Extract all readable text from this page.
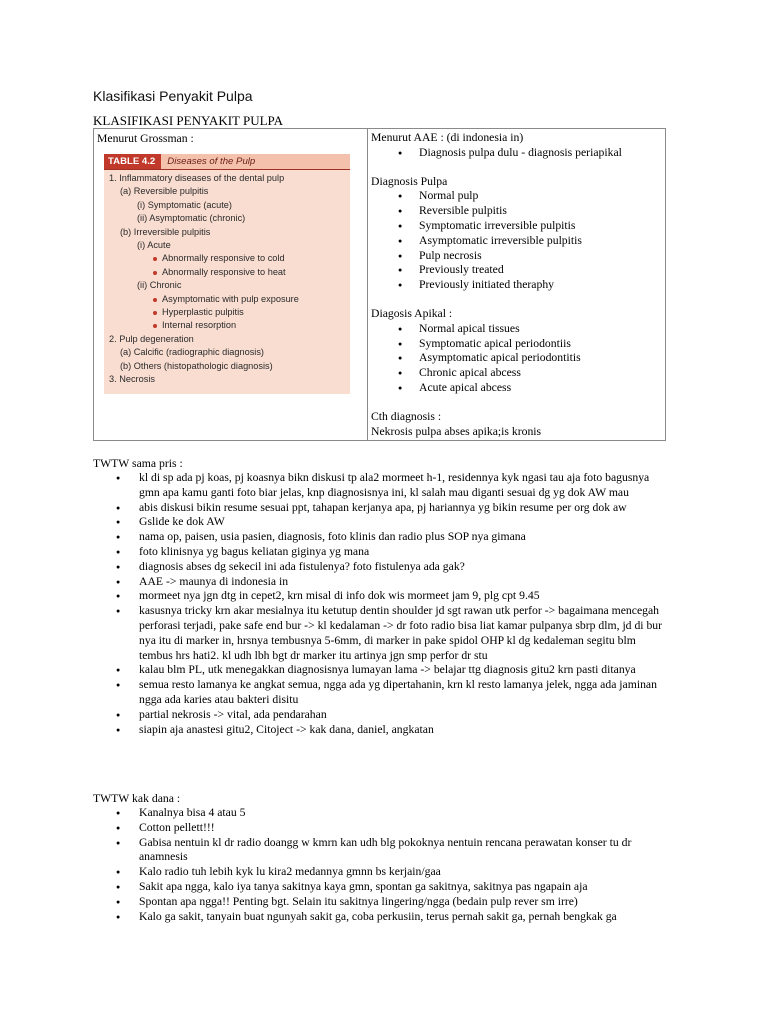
Klasifikasi Penyakit Pulpa
KLASIFIKASI PENYAKIT PULPA
Menurut Grossman :
TABLE 4.2	Diseases of the Pulp
1. Inflammatory diseases of the dental pulp
(a) Reversible pulpitis
(i) Symptomatic (acute)
(ii) Asymptomatic (chronic)
(b) Irreversible pulpitis
(i) Acute
Abnormally responsive to cold
Abnormally responsive to heat
(ii) Chronic
Asymptomatic with pulp exposure
Hyperplastic pulpitis
Internal resorption
2. Pulp degeneration
(a) Calcific (radiographic diagnosis)
(b) Others (histopathologic diagnosis)
3. Necrosis

Menurut AAE : (di indonesia in)
● Diagnosis pulpa dulu - diagnosis periapikal
Diagnosis Pulpa
● Normal pulp
● Reversible pulpitis
● Symptomatic irreversible pulpitis
● Asymptomatic irreversible pulpitis
● Pulp necrosis
● Previously treated
● Previously initiated theraphy
Diagosis Apikal :
● Normal apical tissues
● Symptomatic apical periodontiis
● Asymptomatic apical periodontitis
● Chronic apical abcess
● Acute apical abcess
Cth diagnosis :
Nekrosis pulpa abses apika;is kronis
TWTW sama pris :
● kl di sp ada pj koas, pj koasnya bikn diskusi tp ala2 mormeet h-1, residennya kyk ngasi tau aja foto bagusnya gmn apa kamu ganti foto biar jelas, knp diagnosisnya ini, kl salah mau diganti sesuai dg yg dok AW mau
● abis diskusi bikin resume sesuai ppt, tahapan kerjanya apa, pj hariannya yg bikin resume per org dok aw
● Gslide ke dok AW
● nama op, paisen, usia pasien, diagnosis, foto klinis dan radio plus SOP nya gimana
● foto klinisnya yg bagus keliatan giginya yg mana
● diagnosis abses dg sekecil ini ada fistulenya? foto fistulenya ada gak?
● AAE -> maunya di indonesia in
● mormeet nya jgn dtg in cepet2, krn misal di info dok wis mormeet jam 9, plg cpt 9.45
● kasusnya tricky krn akar mesialnya itu ketutup dentin shoulder jd sgt rawan utk perfor -> bagaimana mencegah perforasi terjadi, pake safe end bur -> kl kedalaman -> dr foto radio bisa liat kamar pulpanya sbrp dlm, jd di bur nya itu di marker in, hrsnya tembusnya 5-6mm, di marker in pake spidol OHP kl dg kedaleman segitu blm tembus hrs hati2. kl udh lbh bgt dr marker itu artinya jgn smp perfor dr stu
● kalau blm PL, utk menegakkan diagnosisnya lumayan lama -> belajar ttg diagnosis gitu2 krn pasti ditanya
● semua resto lamanya ke angkat semua, ngga ada yg dipertahanin, krn kl resto lamanya jelek, ngga ada jaminan ngga ada karies atau bakteri disitu
● partial nekrosis -> vital, ada pendarahan
● siapin aja anastesi gitu2, Citoject -> kak dana, daniel, angkatan
TWTW kak dana :
● Kanalnya bisa 4 atau 5
● Cotton pellett!!!
● Gabisa nentuin kl dr radio doangg w kmrn kan udh blg pokoknya nentuin rencana perawatan konser tu dr anamnesis
● Kalo radio tuh lebih kyk lu kira2 medannya gmnn bs kerjain/gaa
● Sakit apa ngga, kalo iya tanya sakitnya kaya gmn, spontan ga sakitnya, sakitnya pas ngapain aja
● Spontan apa ngga!! Penting bgt. Selain itu sakitnya lingering/ngga (bedain pulp rever sm irre)
● Kalo ga sakit, tanyain buat ngunyah sakit ga, coba perkusiin, terus pernah sakit ga, pernah bengkak ga
